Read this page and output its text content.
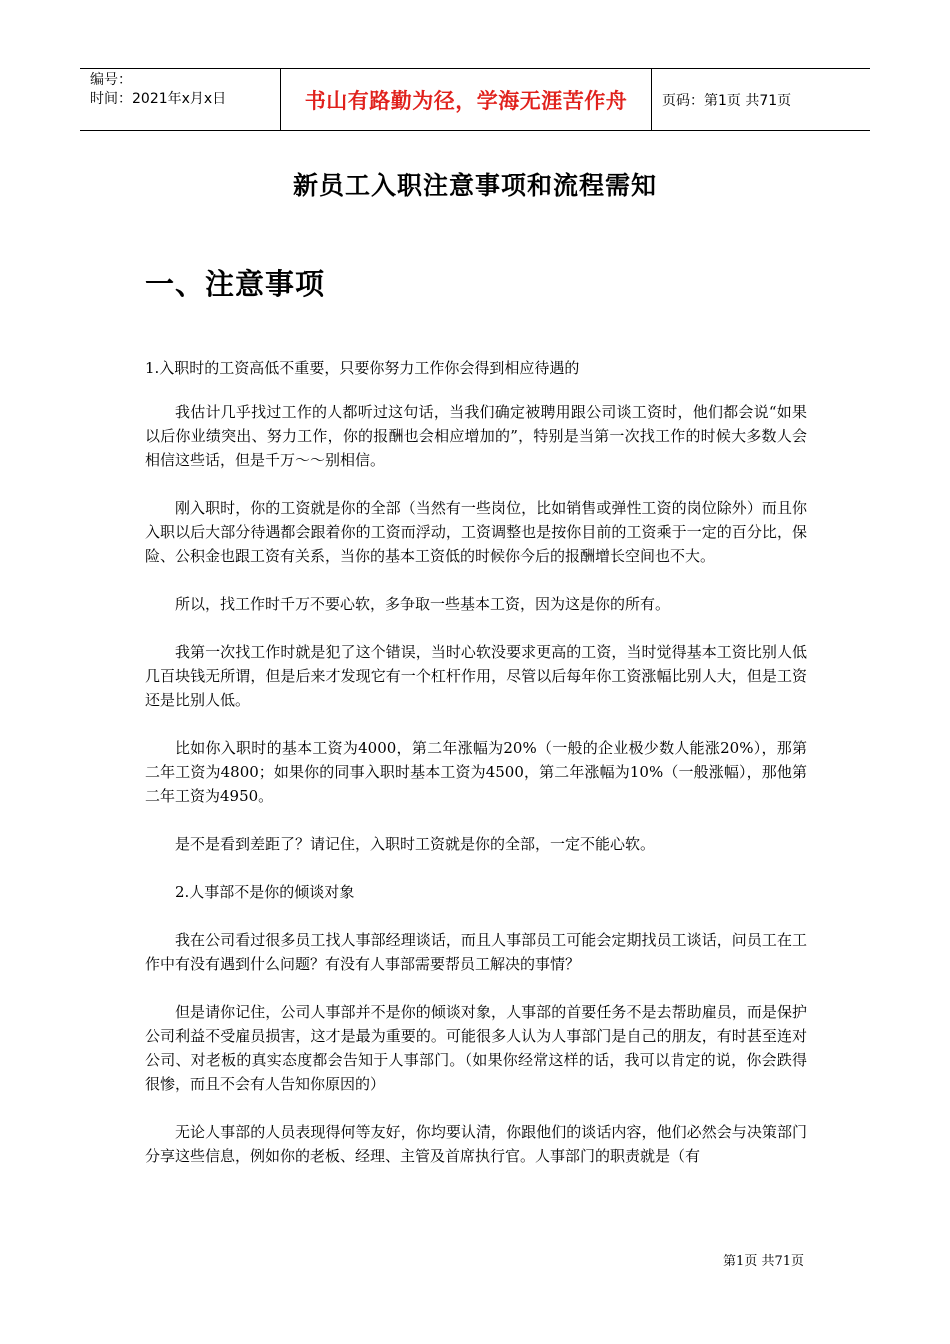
编号：
时间：2021年x月x日	书山有路勤为径，学海无涯苦作舟	页码：第1页 共71页
新员工入职注意事项和流程需知
一、注意事项

1.入职时的工资高低不重要，只要你努力工作你会得到相应待遇的

我估计几乎找过工作的人都听过这句话，当我们确定被聘用跟公司谈工资时，他们都会说“如果以后你业绩突出、努力工作，你的报酬也会相应增加的”，特别是当第一次找工作的时候大多数人会相信这些话，但是千万～～别相信。

刚入职时，你的工资就是你的全部（当然有一些岗位，比如销售或弹性工资的岗位除外）而且你入职以后大部分待遇都会跟着你的工资而浮动，工资调整也是按你目前的工资乘于一定的百分比，保险、公积金也跟工资有关系，当你的基本工资低的时候你今后的报酬增长空间也不大。

所以，找工作时千万不要心软，多争取一些基本工资，因为这是你的所有。

我第一次找工作时就是犯了这个错误，当时心软没要求更高的工资，当时觉得基本工资比别人低几百块钱无所谓，但是后来才发现它有一个杠杆作用，尽管以后每年你工资涨幅比别人大，但是工资还是比别人低。

比如你入职时的基本工资为4000，第二年涨幅为20%（一般的企业极少数人能涨20%），那第二年工资为4800；如果你的同事入职时基本工资为4500，第二年涨幅为10%（一般涨幅），那他第二年工资为4950。

是不是看到差距了？请记住，入职时工资就是你的全部，一定不能心软。

2.人事部不是你的倾谈对象

我在公司看过很多员工找人事部经理谈话，而且人事部员工可能会定期找员工谈话，问员工在工作中有没有遇到什么问题？有没有人事部需要帮员工解决的事情？

但是请你记住，公司人事部并不是你的倾谈对象，人事部的首要任务不是去帮助雇员，而是保护公司利益不受雇员损害，这才是最为重要的。可能很多人认为人事部门是自己的朋友，有时甚至连对公司、对老板的真实态度都会告知于人事部门。（如果你经常这样的话，我可以肯定的说，你会跌得很惨，而且不会有人告知你原因的）

无论人事部的人员表现得何等友好，你均要认清，你跟他们的谈话内容，他们必然会与决策部门分享这些信息，例如你的老板、经理、主管及首席执行官。人事部门的职责就是（有

第1页 共71页
